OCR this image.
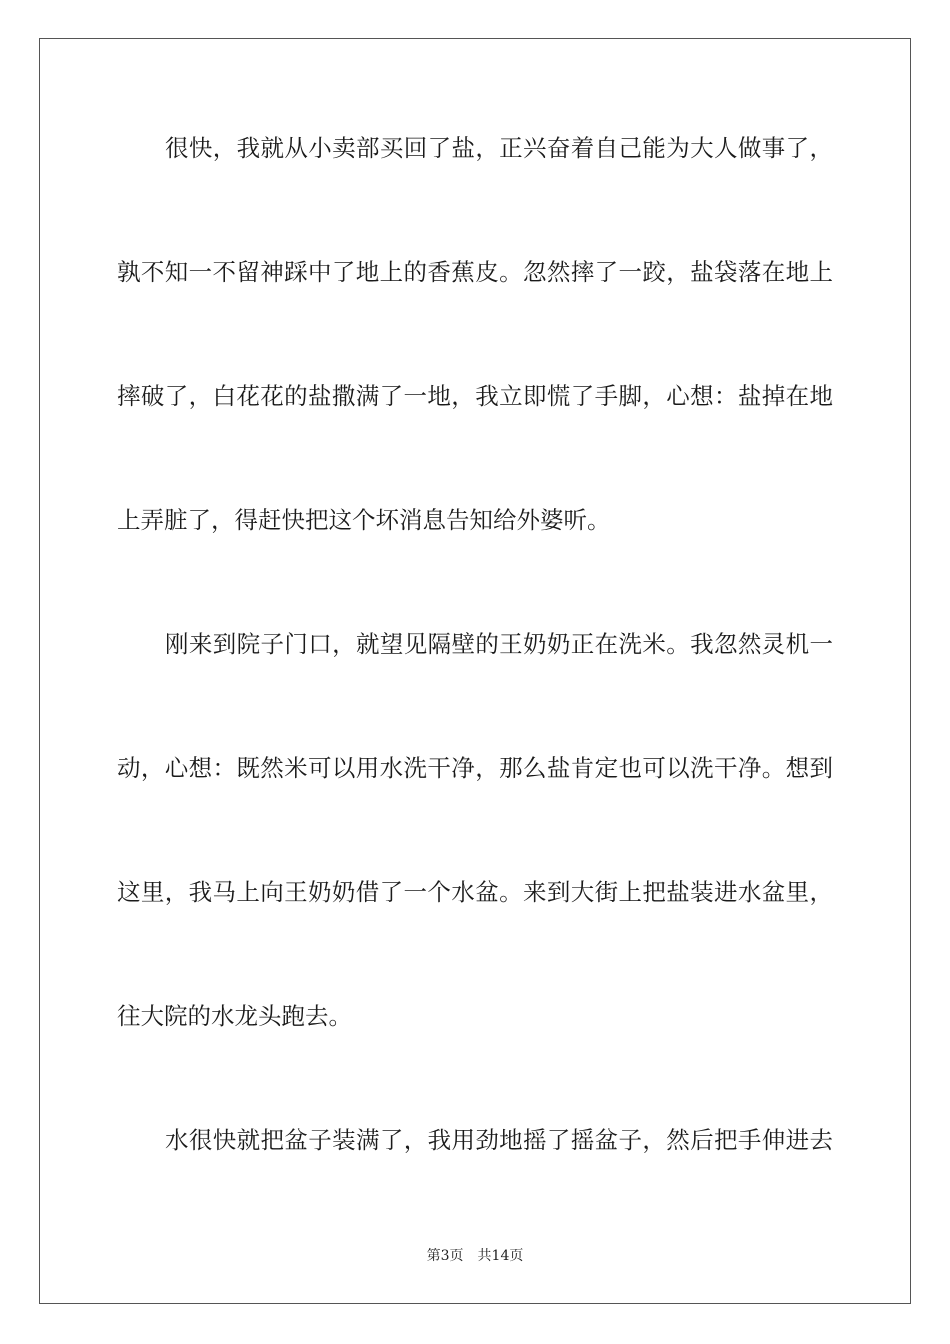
很快，我就从小卖部买回了盐，正兴奋着自己能为大人做事了，
孰不知一不留神踩中了地上的香蕉皮。忽然摔了一跤，盐袋落在地上
摔破了，白花花的盐撒满了一地，我立即慌了手脚，心想：盐掉在地
上弄脏了，得赶快把这个坏消息告知给外婆听。
刚来到院子门口，就望见隔壁的王奶奶正在洗米。我忽然灵机一
动，心想：既然米可以用水洗干净，那么盐肯定也可以洗干净。想到
这里，我马上向王奶奶借了一个水盆。来到大街上把盐装进水盆里，
往大院的水龙头跑去。
水很快就把盆子装满了，我用劲地摇了摇盆子，然后把手伸进去
第3页 共14页
